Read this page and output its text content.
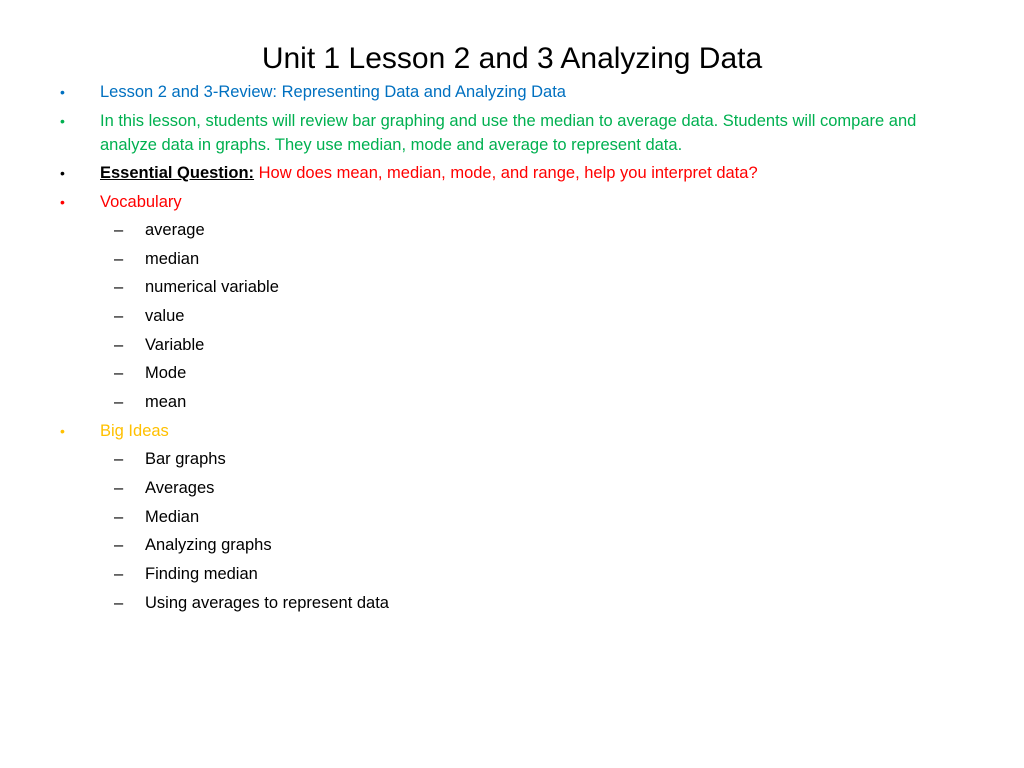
Unit 1 Lesson 2 and 3 Analyzing Data
• Lesson 2 and 3-Review: Representing Data and Analyzing Data
• In this lesson, students will review bar graphing and use the median to average data. Students will compare and analyze data in graphs. They use median, mode and average to represent data.
• Essential Question: How does mean, median, mode, and range, help you interpret data?
• Vocabulary
– average
– median
– numerical variable
– value
– Variable
– Mode
– mean
• Big Ideas
– Bar graphs
– Averages
– Median
– Analyzing graphs
– Finding median
– Using averages to represent data
